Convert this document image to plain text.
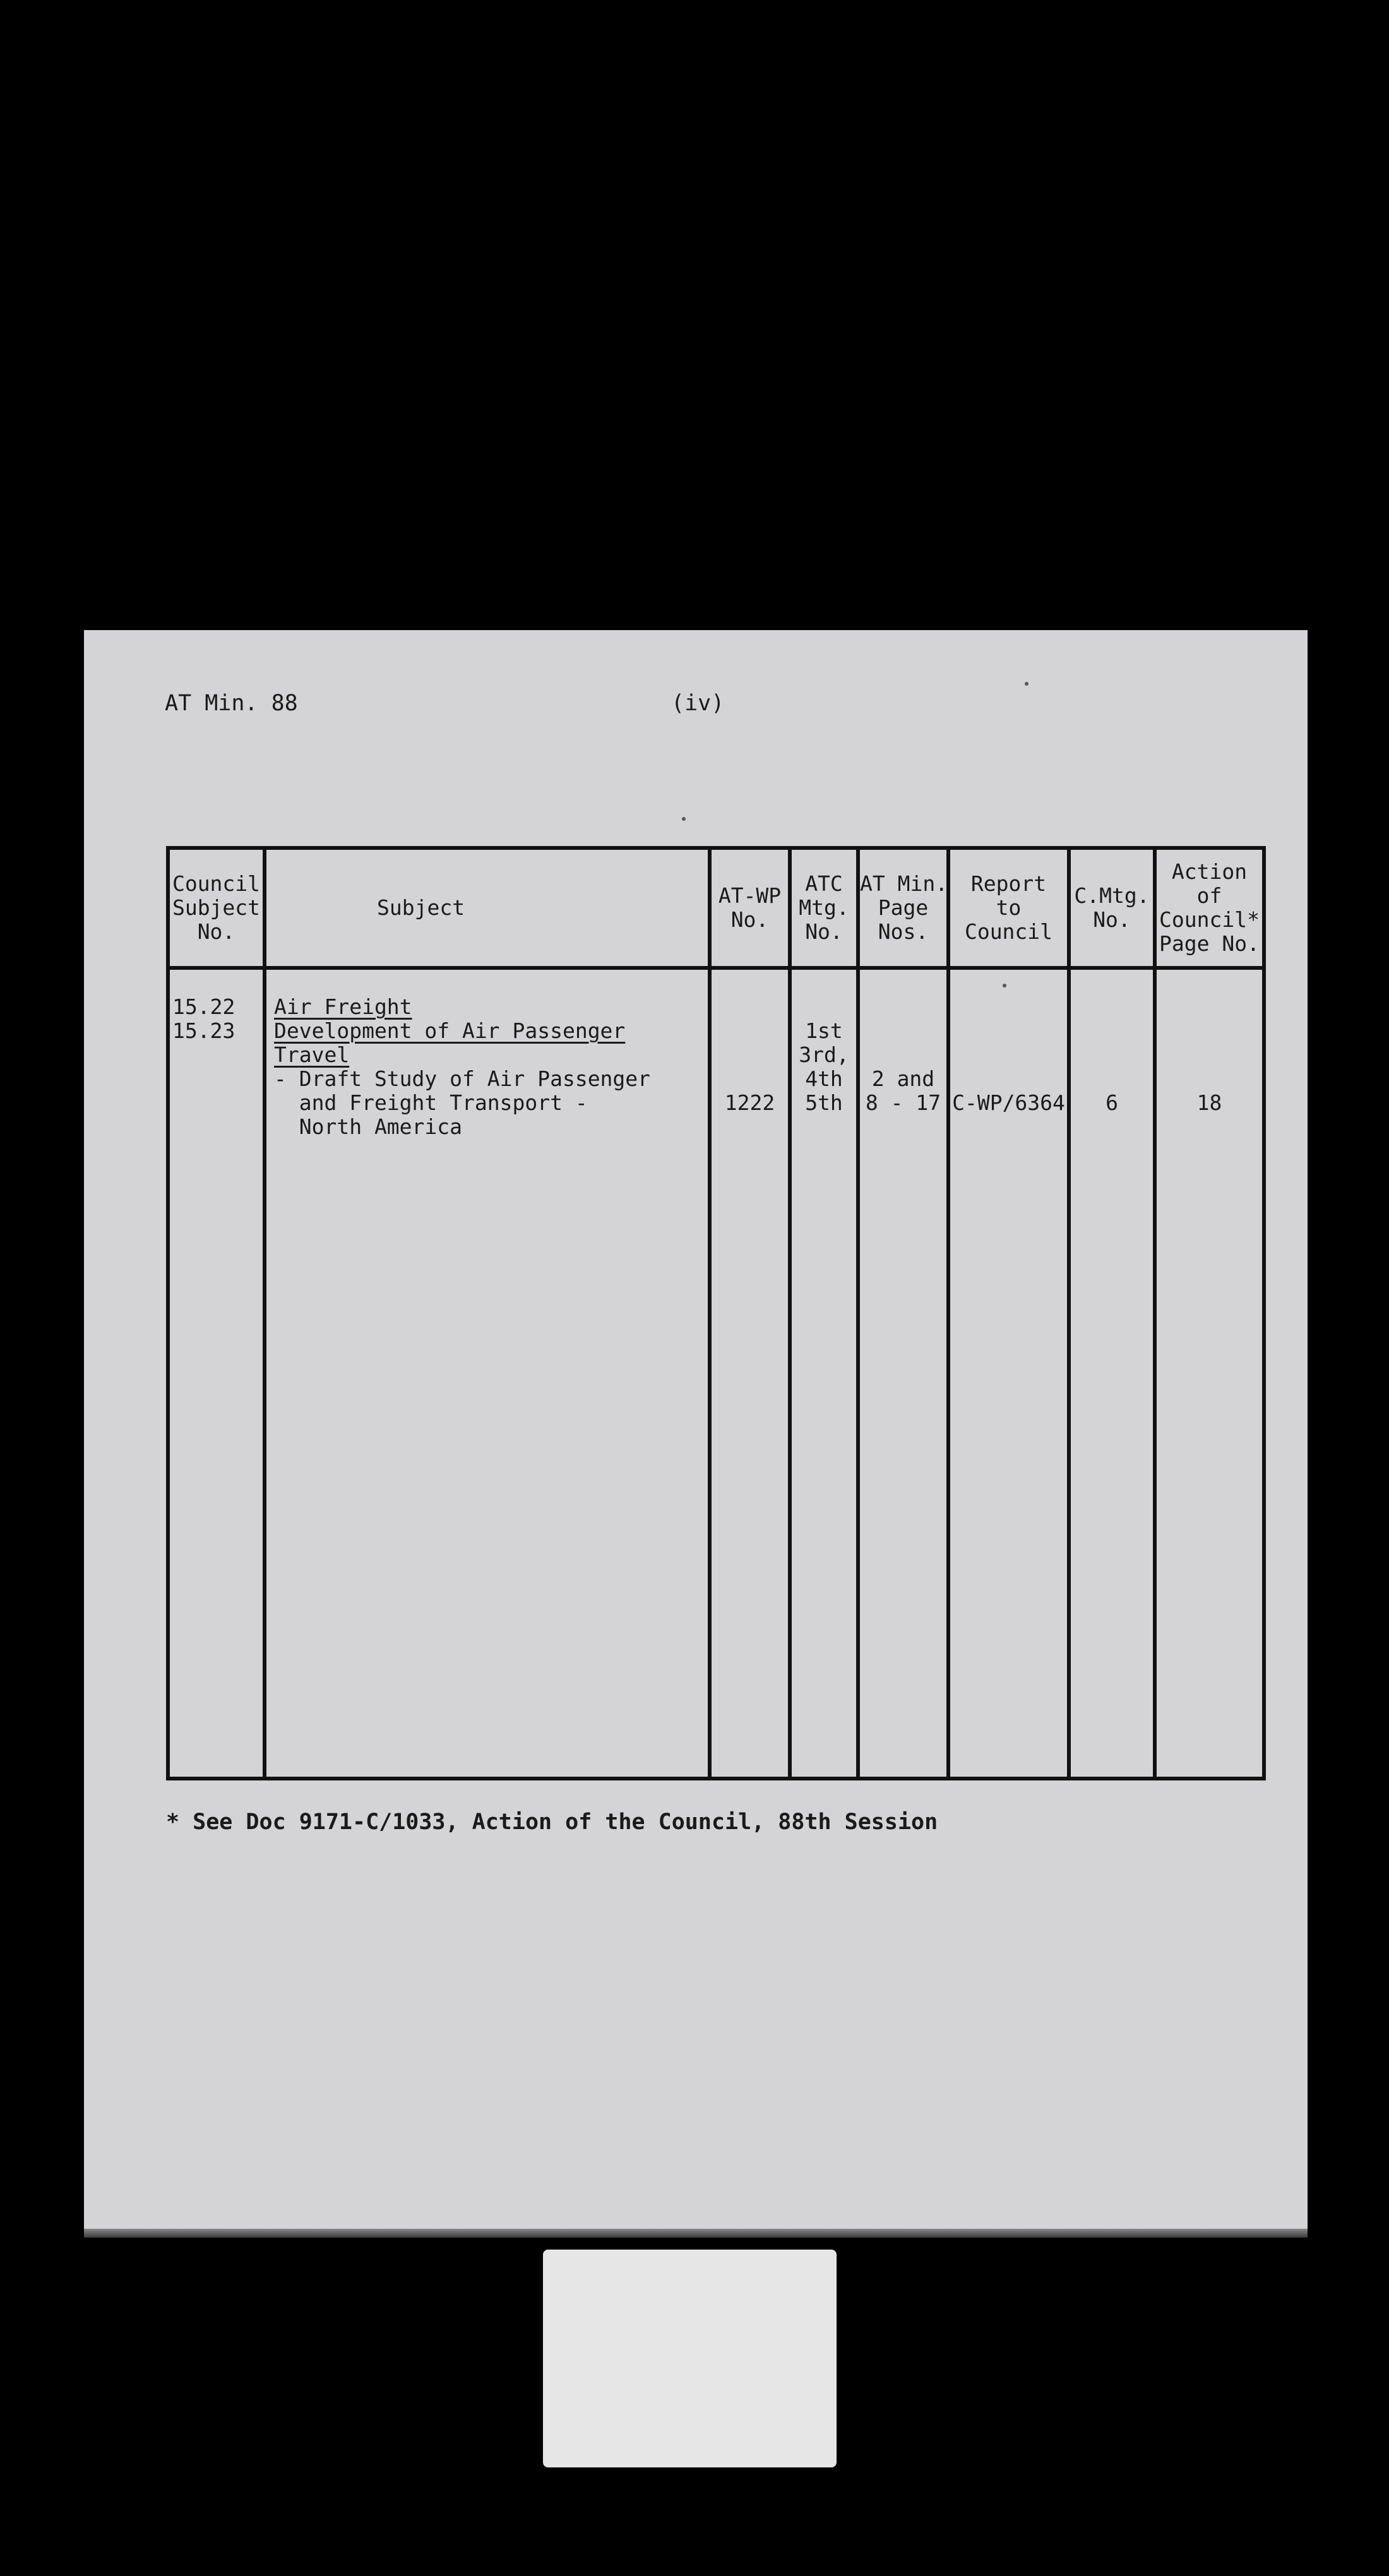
AT Min. 88	(iv)
Council
Subject
No.	Subject	AT-WP
No.	ATC
Mtg.
No.	AT Min.
Page
Nos.	Report
to
Council	C.Mtg.
No.	Action
of
Council*
Page No.

15.22
15.23	Air Freight
Development of Air Passenger Travel
- Draft Study of Air Passenger
and Freight Transport -
North America	1222	1st
3rd,
4th
5th	2 and
8 - 17	C-WP/6364	6	18
* See Doc 9171-C/1033, Action of the Council, 88th Session
